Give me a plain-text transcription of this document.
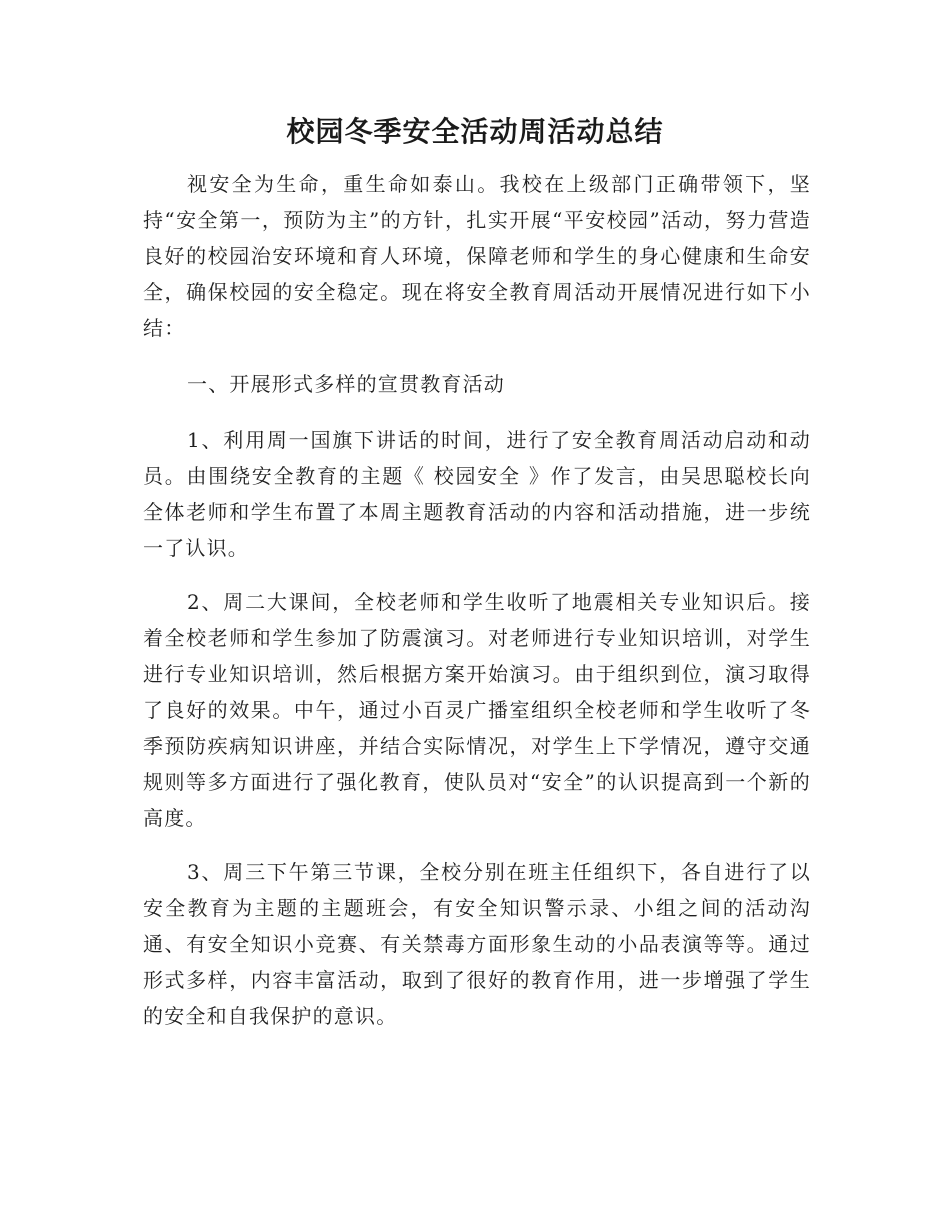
校园冬季安全活动周活动总结

视安全为生命，重生命如泰山。我校在上级部门正确带领下，坚持“安全第一，预防为主”的方针，扎实开展“平安校园”活动，努力营造良好的校园治安环境和育人环境，保障老师和学生的身心健康和生命安全，确保校园的安全稳定。现在将安全教育周活动开展情况进行如下小结：

一、开展形式多样的宣贯教育活动

1、利用周一国旗下讲话的时间，进行了安全教育周活动启动和动员。由围绕安全教育的主题《 校园安全 》作了发言，由吴思聪校长向全体老师和学生布置了本周主题教育活动的内容和活动措施，进一步统一了认识。

2、周二大课间，全校老师和学生收听了地震相关专业知识后。接着全校老师和学生参加了防震演习。对老师进行专业知识培训，对学生进行专业知识培训，然后根据方案开始演习。由于组织到位，演习取得了良好的效果。中午，通过小百灵广播室组织全校老师和学生收听了冬季预防疾病知识讲座，并结合实际情况，对学生上下学情况，遵守交通规则等多方面进行了强化教育，使队员对“安全”的认识提高到一个新的高度。

3、周三下午第三节课，全校分别在班主任组织下，各自进行了以安全教育为主题的主题班会，有安全知识警示录、小组之间的活动沟通、有安全知识小竞赛、有关禁毒方面形象生动的小品表演等等。通过形式多样，内容丰富活动，取到了很好的教育作用，进一步增强了学生的安全和自我保护的意识。
